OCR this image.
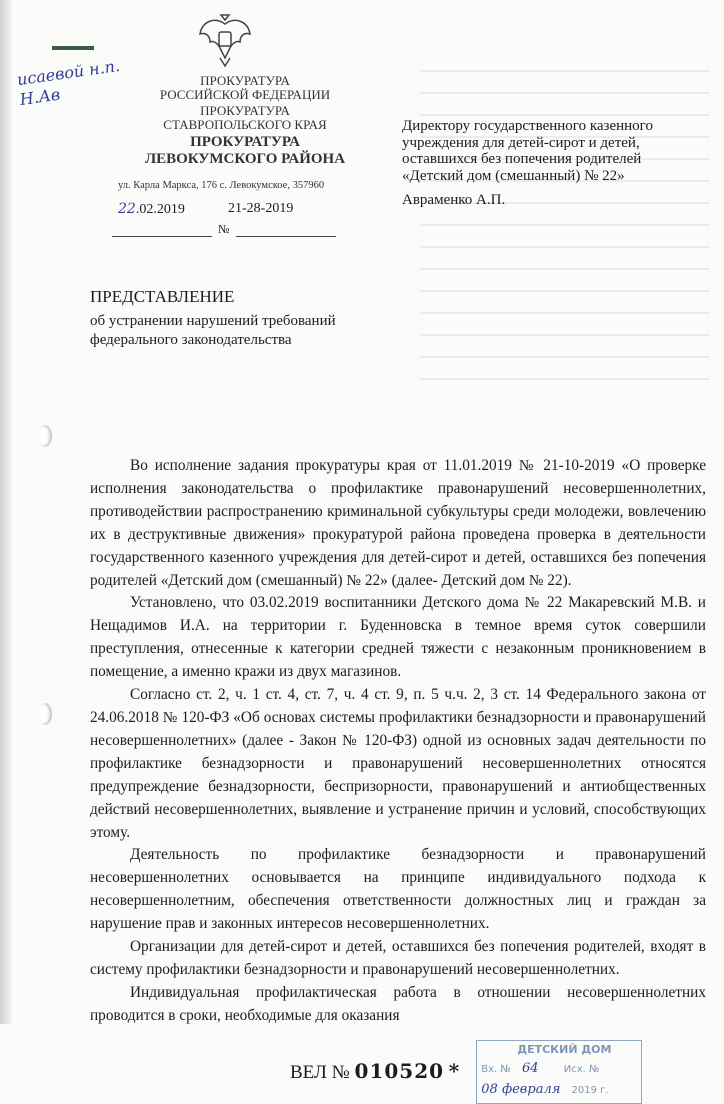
исаевой н.п. Н.Ав
ПРОКУРАТУРА
РОССИЙСКОЙ ФЕДЕРАЦИИ
ПРОКУРАТУРА
СТАВРОПОЛЬСКОГО КРАЯ
ПРОКУРАТУРА
ЛЕВОКУМСКОГО РАЙОНА
ул. Карла Маркса, 176 с. Левокумское, 357960
22.02.2019	21-28-2019
№
Директору государственного казенного учреждения для детей-сирот и детей, оставшихся без попечения родителей «Детский дом (смешанный) № 22»
Авраменко А.П.
ПРЕДСТАВЛЕНИЕ
об устранении нарушений требований
федерального законодательства

Во исполнение задания прокуратуры края от 11.01.2019 № 21-10-2019 «О проверке исполнения законодательства о профилактике правонарушений несовершеннолетних, противодействии распространению криминальной субкультуры среди молодежи, вовлечению их в деструктивные движения» прокуратурой района проведена проверка в деятельности государственного казенного учреждения для детей-сирот и детей, оставшихся без попечения родителей «Детский дом (смешанный) № 22» (далее- Детский дом № 22).

Установлено, что 03.02.2019 воспитанники Детского дома № 22 Макаревский М.В. и Нещадимов И.А. на территории г. Буденновска в темное время суток совершили преступления, отнесенные к категории средней тяжести с незаконным проникновением в помещение, а именно кражи из двух магазинов.

Согласно ст. 2, ч. 1 ст. 4, ст. 7, ч. 4 ст. 9, п. 5 ч.ч. 2, 3 ст. 14 Федерального закона от 24.06.2018 № 120-ФЗ «Об основах системы профилактики безнадзорности и правонарушений несовершеннолетних» (далее - Закон № 120-ФЗ) одной из основных задач деятельности по профилактике безнадзорности и правонарушений несовершеннолетних относятся предупреждение безнадзорности, беспризорности, правонарушений и антиобщественных действий несовершеннолетних, выявление и устранение причин и условий, способствующих этому.

Деятельность по профилактике безнадзорности и правонарушений несовершеннолетних основывается на принципе индивидуального подхода к несовершеннолетним, обеспечения ответственности должностных лиц и граждан за нарушение прав и законных интересов несовершеннолетних.

Организации для детей-сирот и детей, оставшихся без попечения родителей, входят в систему профилактики безнадзорности и правонарушений несовершеннолетних.

Индивидуальная профилактическая работа в отношении несовершеннолетних проводится в сроки, необходимые для оказания

ВЕЛ № 010520 *
ДЕТСКИЙ ДОМ
Вх. № 64	Исх. №
08 февраля 2019 г.
